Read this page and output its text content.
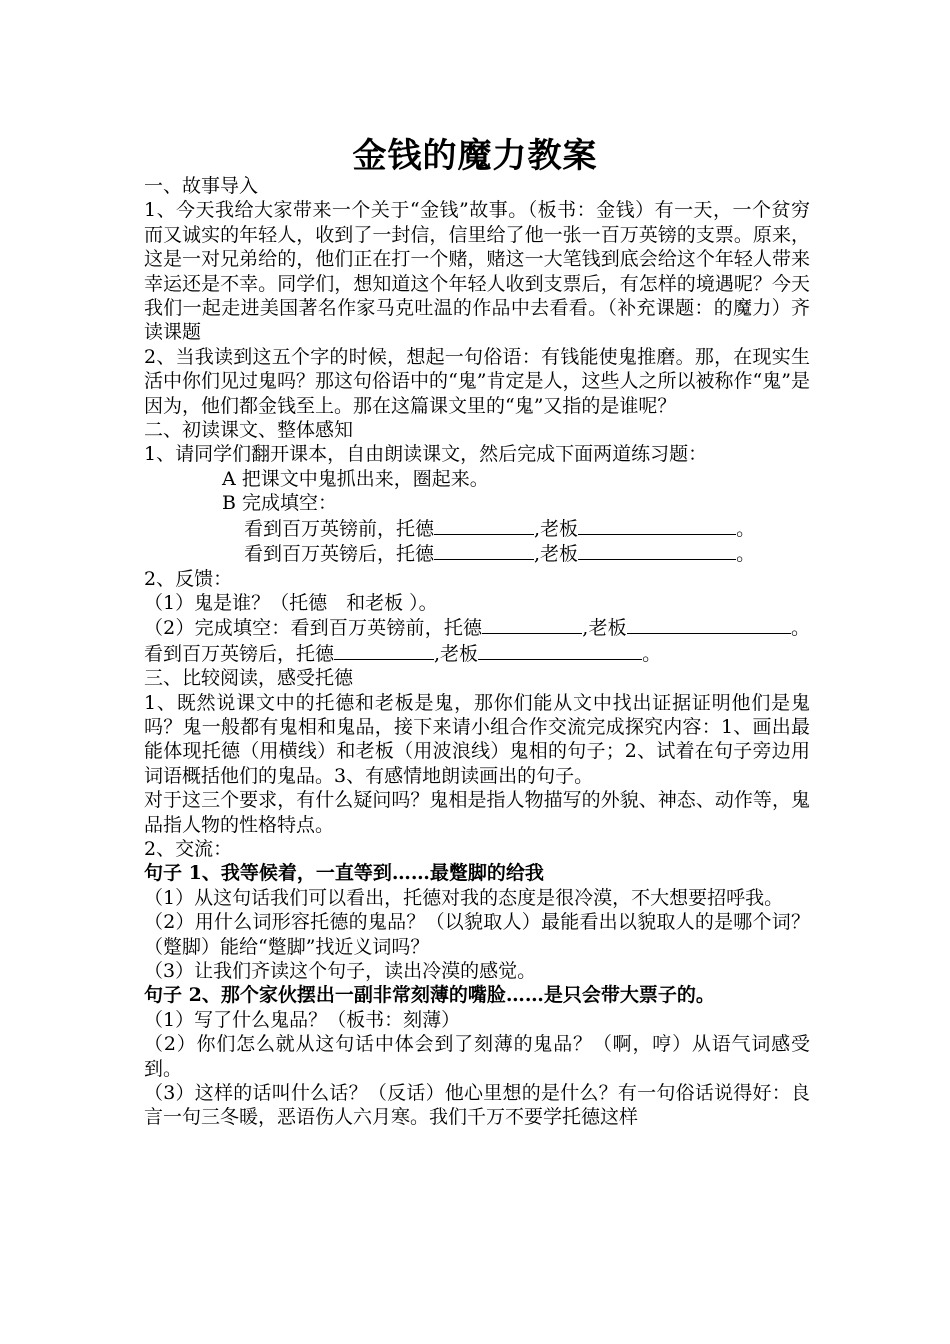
金钱的魔力教案

一、故事导入

1、今天我给大家带来一个关于“金钱”故事。（板书：金钱）有一天，一个贫穷而又诚实的年轻人，收到了一封信，信里给了他一张一百万英镑的支票。原来，这是一对兄弟给的，他们正在打一个赌，赌这一大笔钱到底会给这个年轻人带来幸运还是不幸。同学们，想知道这个年轻人收到支票后，有怎样的境遇呢？今天我们一起走进美国著名作家马克吐温的作品中去看看。（补充课题：的魔力）齐读课题

2、当我读到这五个字的时候，想起一句俗语：有钱能使鬼推磨。那，在现实生活中你们见过鬼吗？那这句俗语中的“鬼”肯定是人，这些人之所以被称作“鬼”是因为，他们都金钱至上。那在这篇课文里的“鬼”又指的是谁呢？

二、初读课文、整体感知

1、请同学们翻开课本，自由朗读课文，然后完成下面两道练习题：

A 把课文中鬼抓出来，圈起来。

B 完成填空：

看到百万英镑前，托德	,老板	。

看到百万英镑后，托德	,老板	。

2、反馈：

（1）鬼是谁？（托德　和老板 ）。

（2）完成填空：看到百万英镑前，托德	,老板	。看到百万英镑后，托德	,老板	。

三、比较阅读，感受托德

1、既然说课文中的托德和老板是鬼，那你们能从文中找出证据证明他们是鬼吗？鬼一般都有鬼相和鬼品，接下来请小组合作交流完成探究内容：1、画出最能体现托德（用横线）和老板（用波浪线）鬼相的句子；2、试着在句子旁边用词语概括他们的鬼品。3、有感情地朗读画出的句子。

对于这三个要求，有什么疑问吗？鬼相是指人物描写的外貌、神态、动作等，鬼品指人物的性格特点。

2、交流：

句子 1、我等候着，一直等到……最蹩脚的给我

（1）从这句话我们可以看出，托德对我的态度是很冷漠，不大想要招呼我。

（2）用什么词形容托德的鬼品？（以貌取人）最能看出以貌取人的是哪个词？（蹩脚）能给“蹩脚”找近义词吗？

（3）让我们齐读这个句子，读出冷漠的感觉。

句子 2、那个家伙摆出一副非常刻薄的嘴脸……是只会带大票子的。

（1）写了什么鬼品？（板书：刻薄）

（2）你们怎么就从这句话中体会到了刻薄的鬼品？（啊，哼）从语气词感受到。

（3）这样的话叫什么话？（反话）他心里想的是什么？有一句俗话说得好：良言一句三冬暖，恶语伤人六月寒。我们千万不要学托德这样
